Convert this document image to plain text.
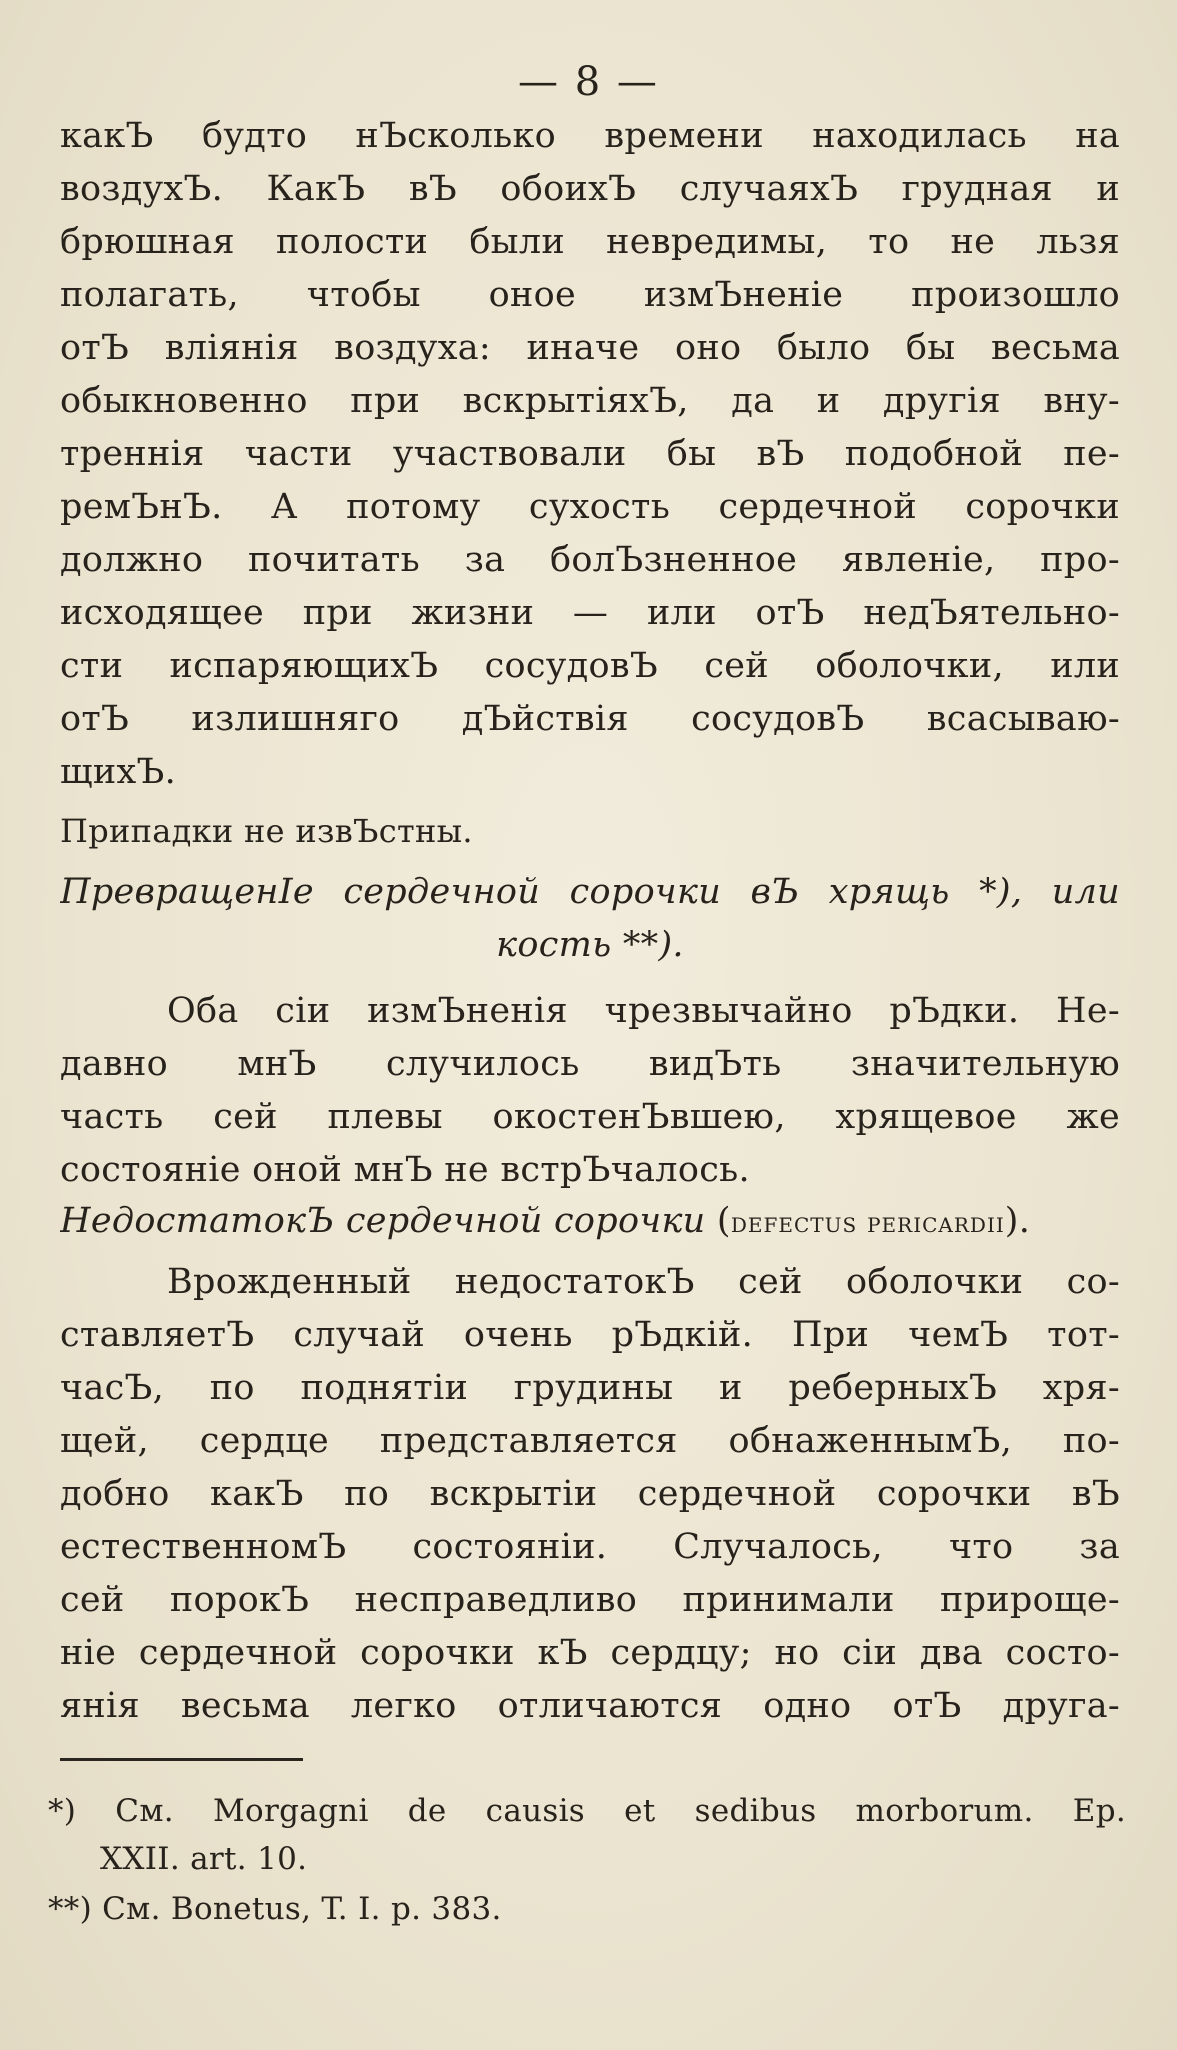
— 8 —
какЪ будто нЪсколько времени находилась на
воздухЪ. КакЪ вЪ обоихЪ случаяхЪ грудная и
брюшная полости были невредимы, то не льзя
полагать, чтобы оное измЪненіе произошло
отЪ вліянія воздуха: иначе оно было бы весьма
обыкновенно при вскрытіяхЪ, да и другія вну-
треннія части участвовали бы вЪ подобной пе-
ремЪнЪ. А потому сухость сердечной сорочки
должно почитать за болЪзненное явленіе, про-
исходящее при жизни — или отЪ недЪятельно-
сти испаряющихЪ сосудовЪ сей оболочки, или
отЪ излишняго дЪйствія сосудовЪ всасываю-
щихЪ.
Припадки не извЪстны.
ПревращенІе сердечной сорочки вЪ хрящь *), или
кость **).
Оба сіи измЪненія чрезвычайно рЪдки. Не-
давно мнЪ случилось видЪть значительную
часть сей плевы окостенЪвшею, хрящевое же
состояніе оной мнЪ не встрЪчалось.
НедостатокЪ сердечной сорочки (defectus pericardii).
Врожденный недостатокЪ сей оболочки со-
ставляетЪ случай очень рЪдкій. При чемЪ тот-
часЪ, по поднятіи грудины и реберныхЪ хря-
щей, сердце представляется обнаженнымЪ, по-
добно какЪ по вскрытіи сердечной сорочки вЪ
естественномЪ состояніи. Случалось, что за
сей порокЪ несправедливо принимали прироще-
ніе сердечной сорочки кЪ сердцу; но сіи два состо-
янія весьма легко отличаются одно отЪ друга-
*) См. Morgagni de causis et sedibus morborum. Ep.
XXII. art. 10.
**) См. Bonetus, T. I. p. 383.
